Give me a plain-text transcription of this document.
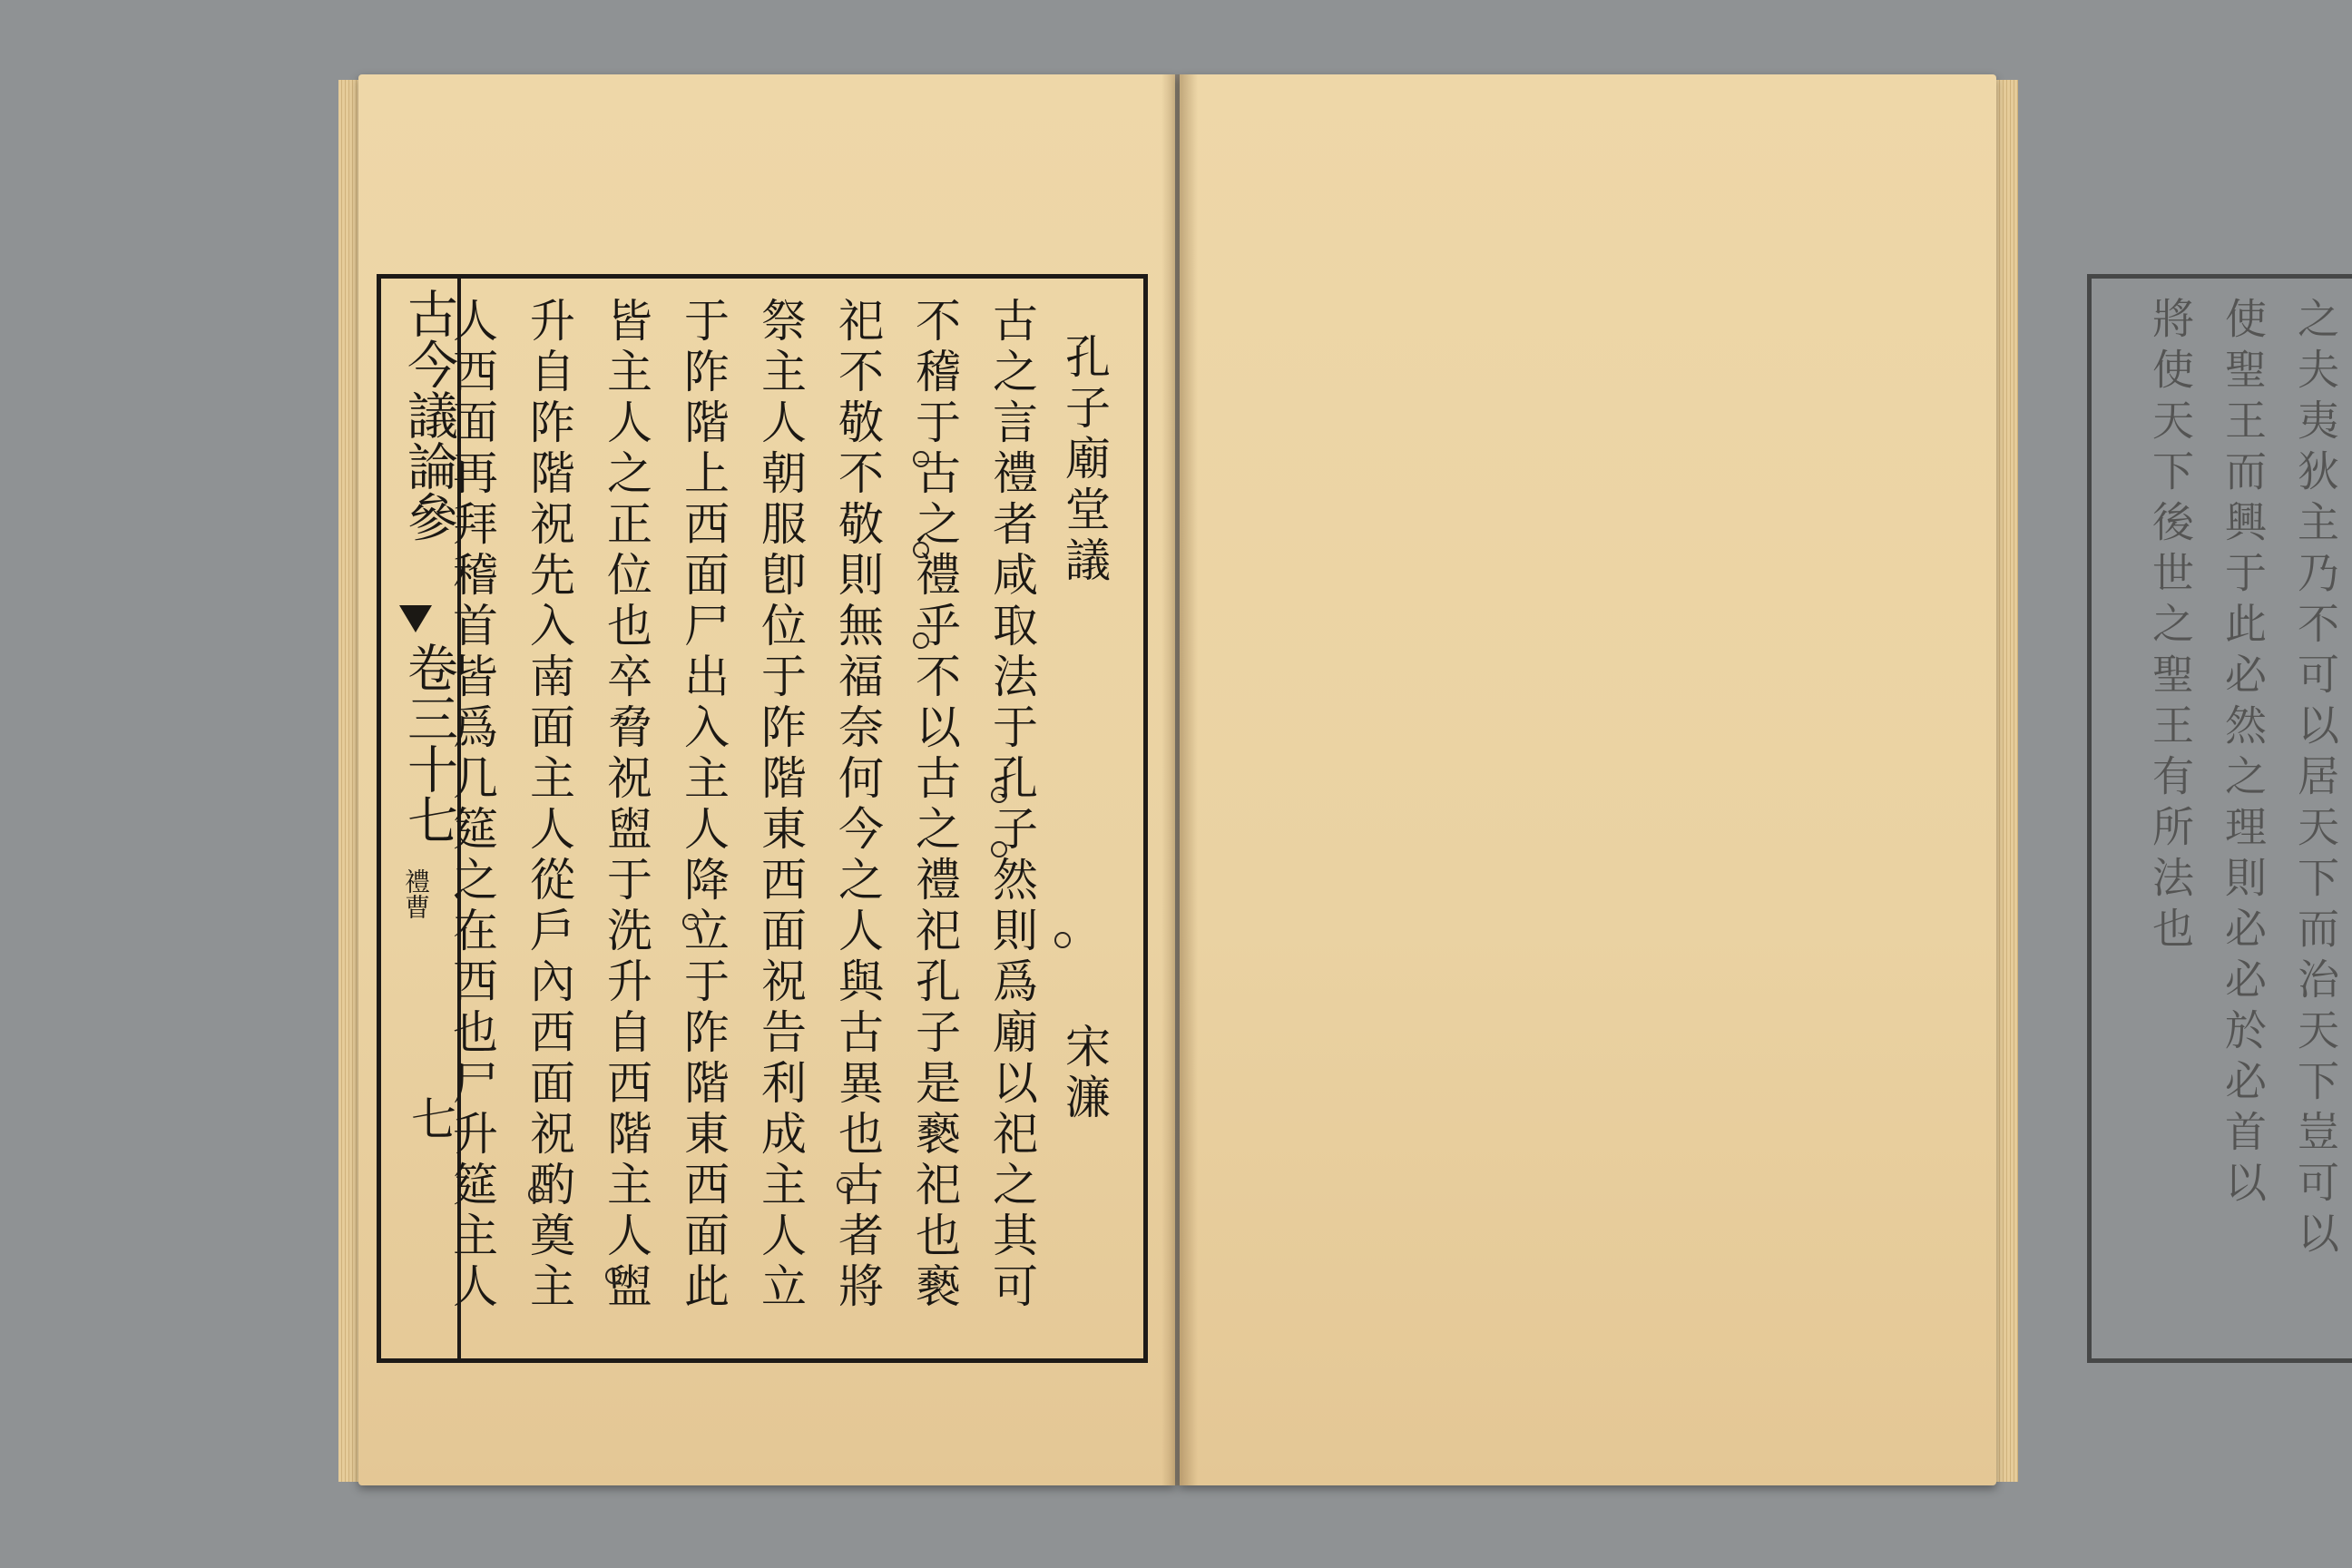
古今議論參
卷三十七
禮曹
七
孔子廟堂議
宋濂
古之言禮者咸取法于孔子然則爲廟以祀之其可
不稽于古之禮乎不以古之禮祀孔子是褻祀也褻
祀不敬不敬則無福奈何今之人與古異也古者將
祭主人朝服卽位于阼階東西面祝告利成主人立
于阼階上西面尸出入主人降立于阼階東西面此
皆主人之正位也卒脅祝盥于洗升自西階主人盥
升自阼階祝先入南面主人從戶內西面祝酌奠主
人西面再拜稽首皆爲几筵之在西也尸升筵主人	之夫夷狄主乃不可以居天下而治天下豈可以
使聖王而興于此必然之理則必必於必首以
將使天下後世之聖王有所法也
